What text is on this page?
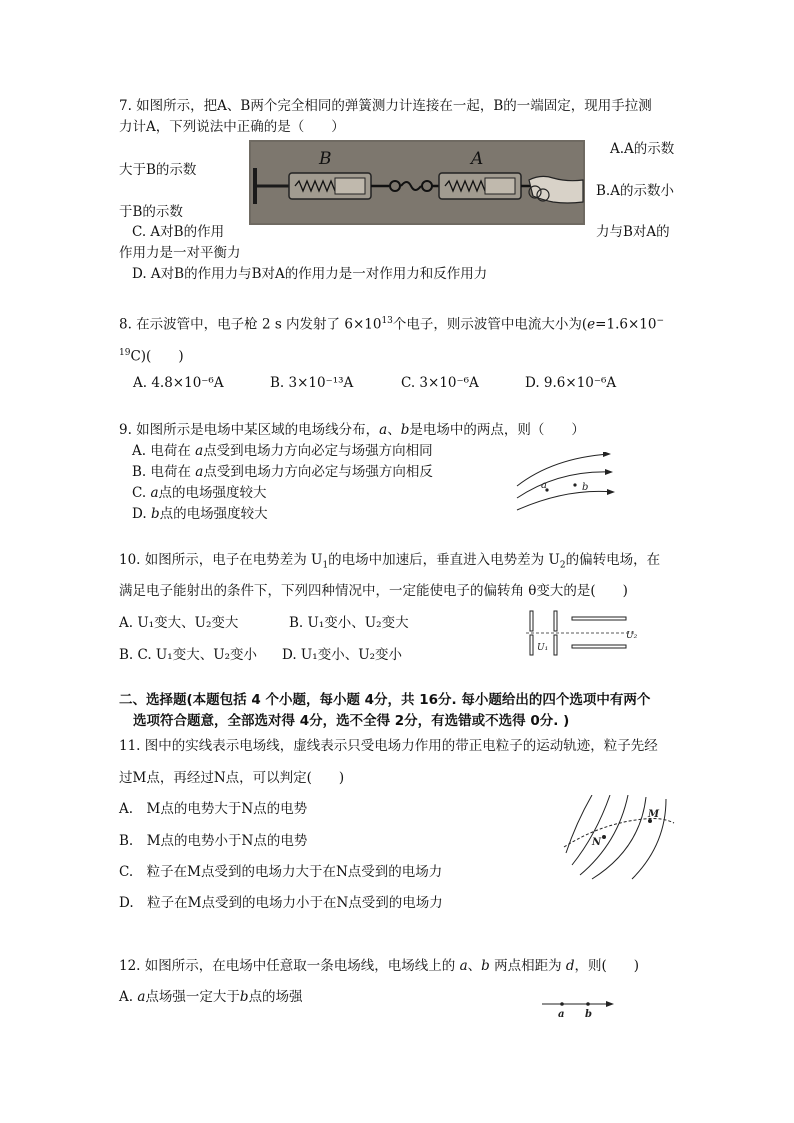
7. 如图所示，把A、B两个完全相同的弹簧测力计连接在一起，B的一端固定，现用手拉测
力计A，下列说法中正确的是（　　）
B	A	A.A的示数
大于B的示数
B.A的示数小
于B的示数
C. A对B的作用	力与B对A的
作用力是一对平衡力
D. A对B的作用力与B对A的作用力是一对作用力和反作用力
8. 在示波管中，电子枪 2 s 内发射了 $6\times 10^{13}$个电子，则示波管中电流大小为(e=1.6×10−
$^{19}$C)(　　)
A. 4.8×10⁻⁶A	B. 3×10⁻¹³A	C. 3×10⁻⁶A	D. 9.6×10⁻⁶A
9. 如图所示是电场中某区域的电场线分布，a、b是电场中的两点，则（　　）
A. 电荷在 a点受到电场力方向必定与场强方向相同
B. 电荷在 a点受到电场力方向必定与场强方向相反
C. a点的电场强度较大
D. b点的电场强度较大
a	b
10. 如图所示，电子在电势差为 $U_1$的电场中加速后，垂直进入电势差为 $U_2$的偏转电场，在
满足电子能射出的条件下，下列四种情况中，一定能使电子的偏转角 θ变大的是(　　)
A. U₁变大、U₂变大	B. U₁变小、U₂变大
B. C. U₁变大、U₂变小 D. U₁变小、U₂变小
U₂
U₁
二、选择题(本题包括 4 个小题，每小题 4分，共 16分. 每小题给出的四个选项中有两个
选项符合题意，全部选对得 4分，选不全得 2分，有选错或不选得 0分. )
11. 图中的实线表示电场线，虚线表示只受电场力作用的带正电粒子的运动轨迹，粒子先经
过M点，再经过N点，可以判定(　　)
A.　M点的电势大于N点的电势
B.　M点的电势小于N点的电势
C.　粒子在M点受到的电场力大于在N点受到的电场力
D.　粒子在M点受到的电场力小于在N点受到的电场力
N
M
12. 如图所示，在电场中任意取一条电场线，电场线上的 a、b 两点相距为 d，则(　　)
A. a点场强一定大于b点的场强
a b
